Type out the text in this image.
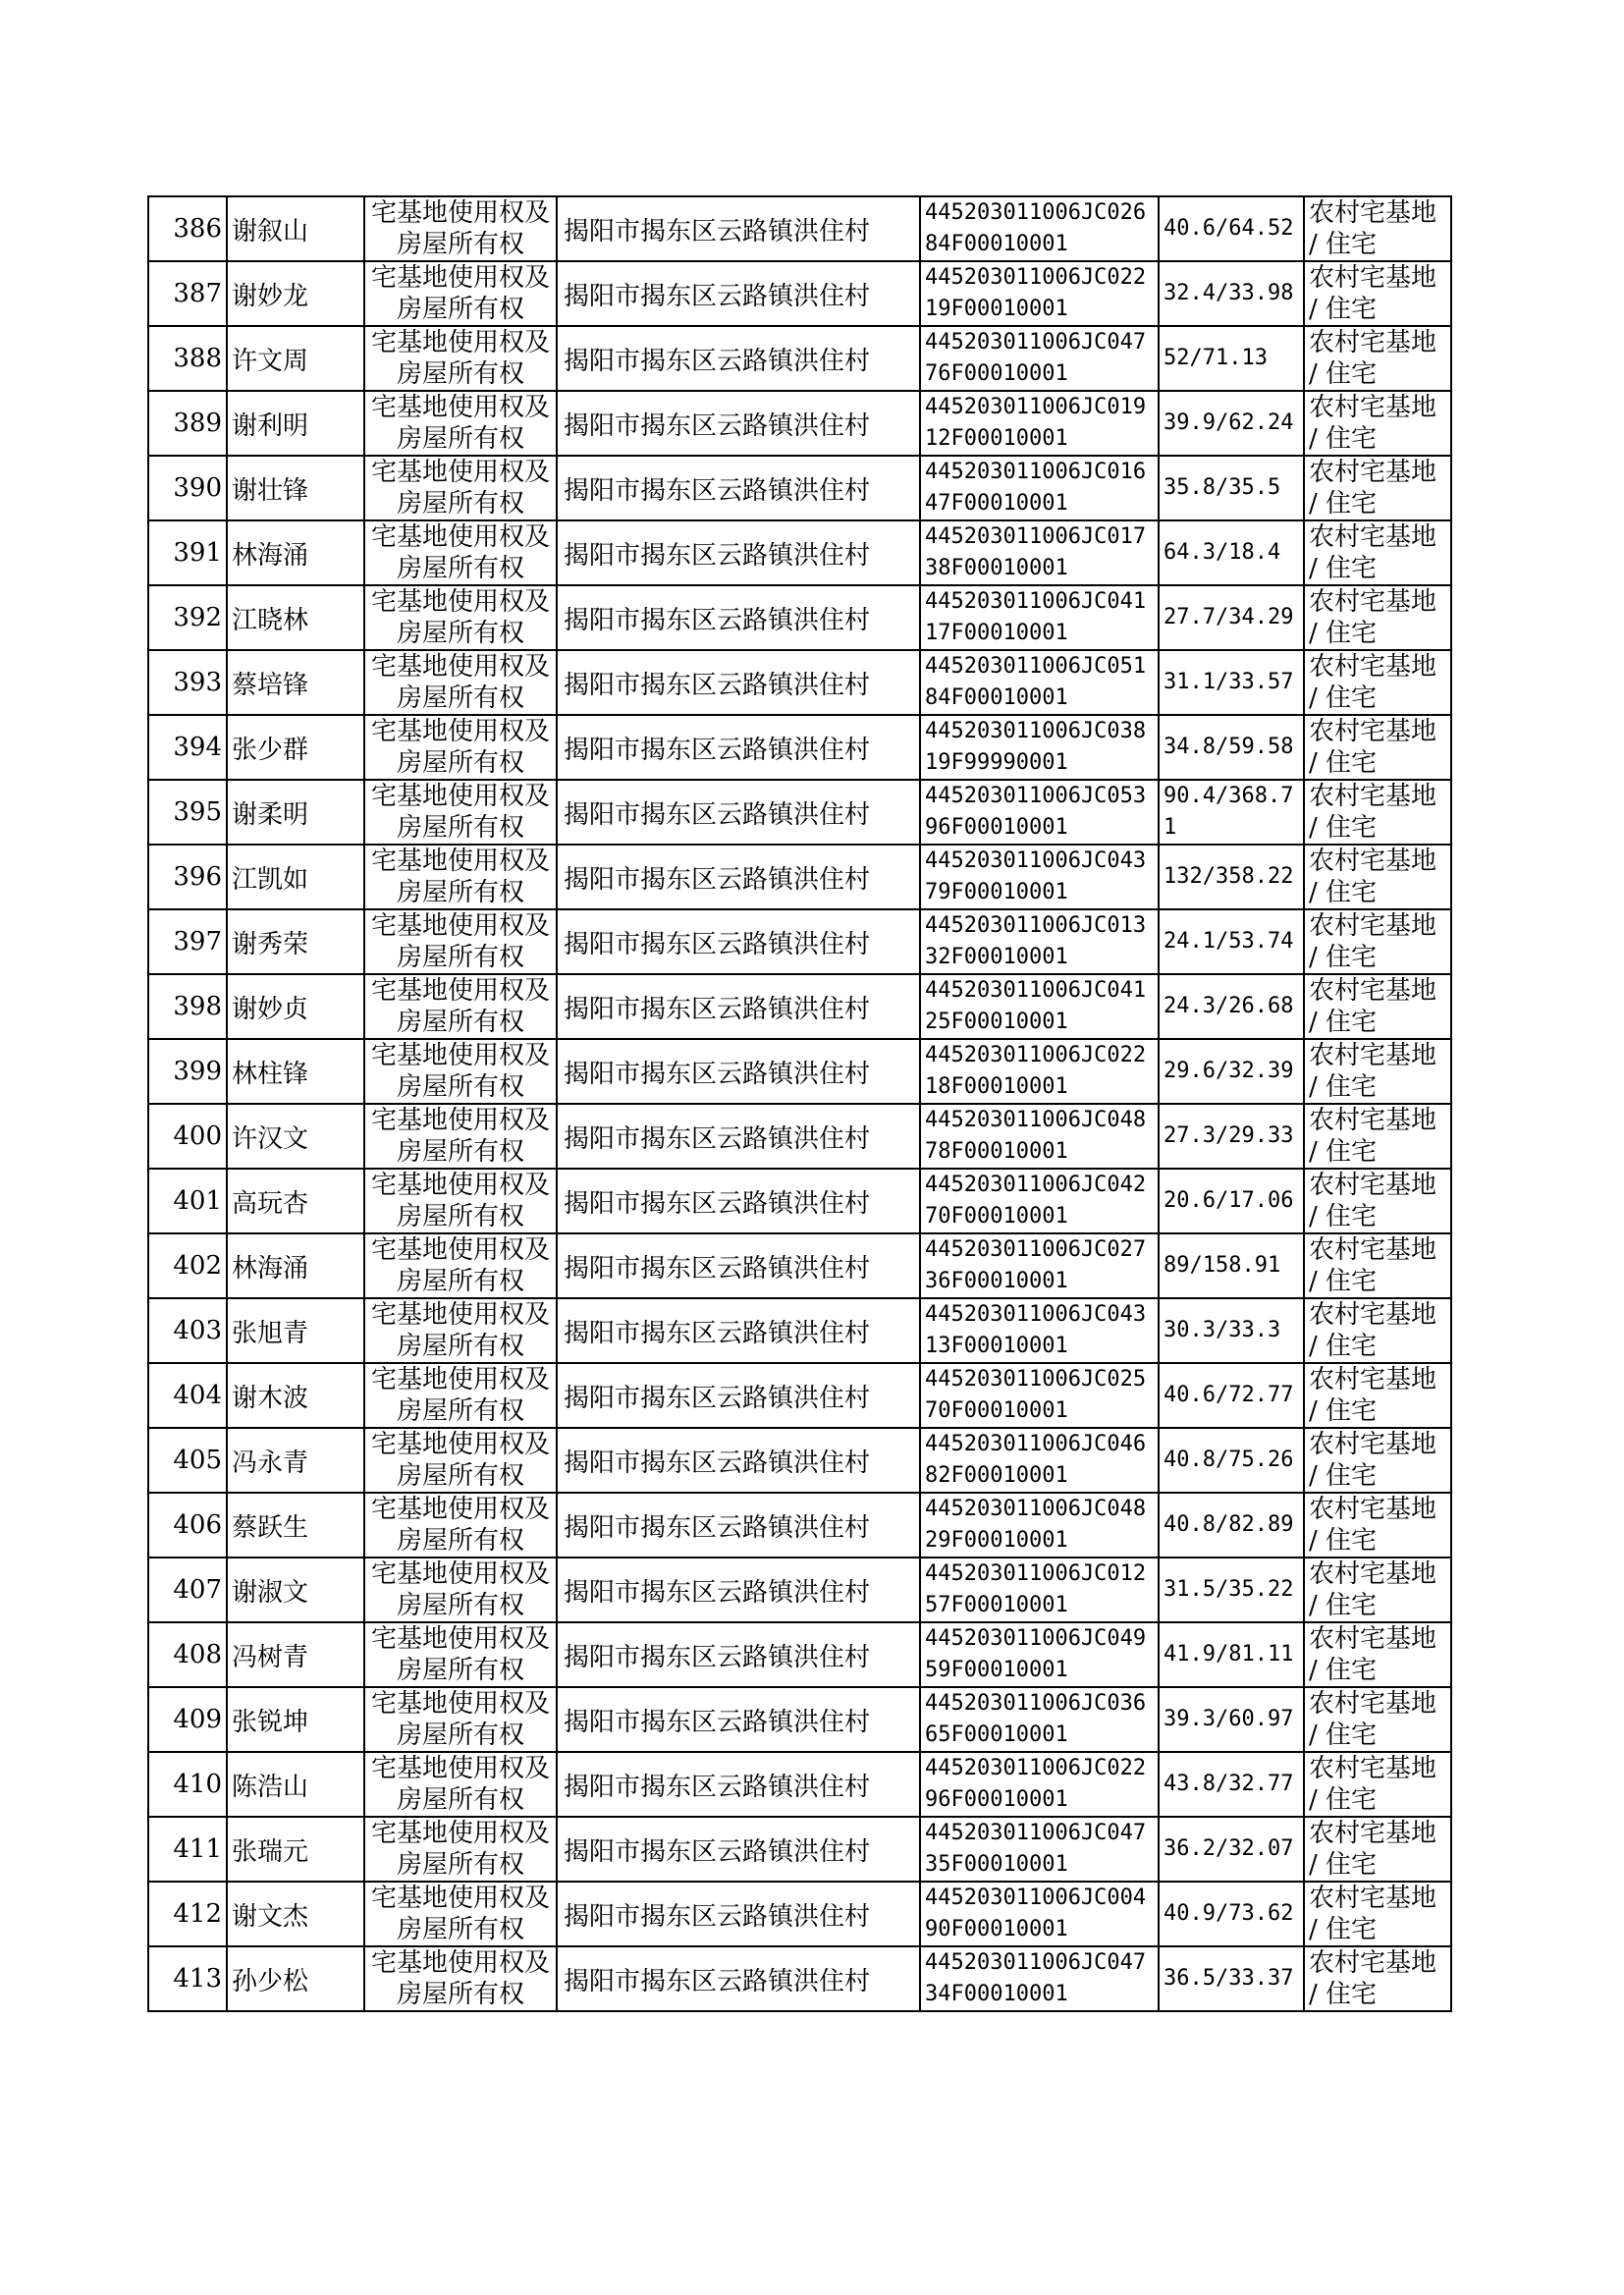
386	谢叙山	宅基地使用权及房屋所有权	揭阳市揭东区云路镇洪住村	445203011006JC02684F00010001	40.6/64.52	农村宅基地 / 住宅
387	谢妙龙	宅基地使用权及房屋所有权	揭阳市揭东区云路镇洪住村	445203011006JC02219F00010001	32.4/33.98	农村宅基地 / 住宅
388	许文周	宅基地使用权及房屋所有权	揭阳市揭东区云路镇洪住村	445203011006JC04776F00010001	52/71.13	农村宅基地 / 住宅
389	谢利明	宅基地使用权及房屋所有权	揭阳市揭东区云路镇洪住村	445203011006JC01912F00010001	39.9/62.24	农村宅基地 / 住宅
390	谢壮锋	宅基地使用权及房屋所有权	揭阳市揭东区云路镇洪住村	445203011006JC01647F00010001	35.8/35.5	农村宅基地 / 住宅
391	林海涌	宅基地使用权及房屋所有权	揭阳市揭东区云路镇洪住村	445203011006JC01738F00010001	64.3/18.4	农村宅基地 / 住宅
392	江晓林	宅基地使用权及房屋所有权	揭阳市揭东区云路镇洪住村	445203011006JC04117F00010001	27.7/34.29	农村宅基地 / 住宅
393	蔡培锋	宅基地使用权及房屋所有权	揭阳市揭东区云路镇洪住村	445203011006JC05184F00010001	31.1/33.57	农村宅基地 / 住宅
394	张少群	宅基地使用权及房屋所有权	揭阳市揭东区云路镇洪住村	445203011006JC03819F99990001	34.8/59.58	农村宅基地 / 住宅
395	谢柔明	宅基地使用权及房屋所有权	揭阳市揭东区云路镇洪住村	445203011006JC05396F00010001	90.4/368.71	农村宅基地 / 住宅
396	江凯如	宅基地使用权及房屋所有权	揭阳市揭东区云路镇洪住村	445203011006JC04379F00010001	132/358.22	农村宅基地 / 住宅
397	谢秀荣	宅基地使用权及房屋所有权	揭阳市揭东区云路镇洪住村	445203011006JC01332F00010001	24.1/53.74	农村宅基地 / 住宅
398	谢妙贞	宅基地使用权及房屋所有权	揭阳市揭东区云路镇洪住村	445203011006JC04125F00010001	24.3/26.68	农村宅基地 / 住宅
399	林柱锋	宅基地使用权及房屋所有权	揭阳市揭东区云路镇洪住村	445203011006JC02218F00010001	29.6/32.39	农村宅基地 / 住宅
400	许汉文	宅基地使用权及房屋所有权	揭阳市揭东区云路镇洪住村	445203011006JC04878F00010001	27.3/29.33	农村宅基地 / 住宅
401	高玩杏	宅基地使用权及房屋所有权	揭阳市揭东区云路镇洪住村	445203011006JC04270F00010001	20.6/17.06	农村宅基地 / 住宅
402	林海涌	宅基地使用权及房屋所有权	揭阳市揭东区云路镇洪住村	445203011006JC02736F00010001	89/158.91	农村宅基地 / 住宅
403	张旭青	宅基地使用权及房屋所有权	揭阳市揭东区云路镇洪住村	445203011006JC04313F00010001	30.3/33.3	农村宅基地 / 住宅
404	谢木波	宅基地使用权及房屋所有权	揭阳市揭东区云路镇洪住村	445203011006JC02570F00010001	40.6/72.77	农村宅基地 / 住宅
405	冯永青	宅基地使用权及房屋所有权	揭阳市揭东区云路镇洪住村	445203011006JC04682F00010001	40.8/75.26	农村宅基地 / 住宅
406	蔡跃生	宅基地使用权及房屋所有权	揭阳市揭东区云路镇洪住村	445203011006JC04829F00010001	40.8/82.89	农村宅基地 / 住宅
407	谢淑文	宅基地使用权及房屋所有权	揭阳市揭东区云路镇洪住村	445203011006JC01257F00010001	31.5/35.22	农村宅基地 / 住宅
408	冯树青	宅基地使用权及房屋所有权	揭阳市揭东区云路镇洪住村	445203011006JC04959F00010001	41.9/81.11	农村宅基地 / 住宅
409	张锐坤	宅基地使用权及房屋所有权	揭阳市揭东区云路镇洪住村	445203011006JC03665F00010001	39.3/60.97	农村宅基地 / 住宅
410	陈浩山	宅基地使用权及房屋所有权	揭阳市揭东区云路镇洪住村	445203011006JC02296F00010001	43.8/32.77	农村宅基地 / 住宅
411	张瑞元	宅基地使用权及房屋所有权	揭阳市揭东区云路镇洪住村	445203011006JC04735F00010001	36.2/32.07	农村宅基地 / 住宅
412	谢文杰	宅基地使用权及房屋所有权	揭阳市揭东区云路镇洪住村	445203011006JC00490F00010001	40.9/73.62	农村宅基地 / 住宅
413	孙少松	宅基地使用权及房屋所有权	揭阳市揭东区云路镇洪住村	445203011006JC04734F00010001	36.5/33.37	农村宅基地 / 住宅
